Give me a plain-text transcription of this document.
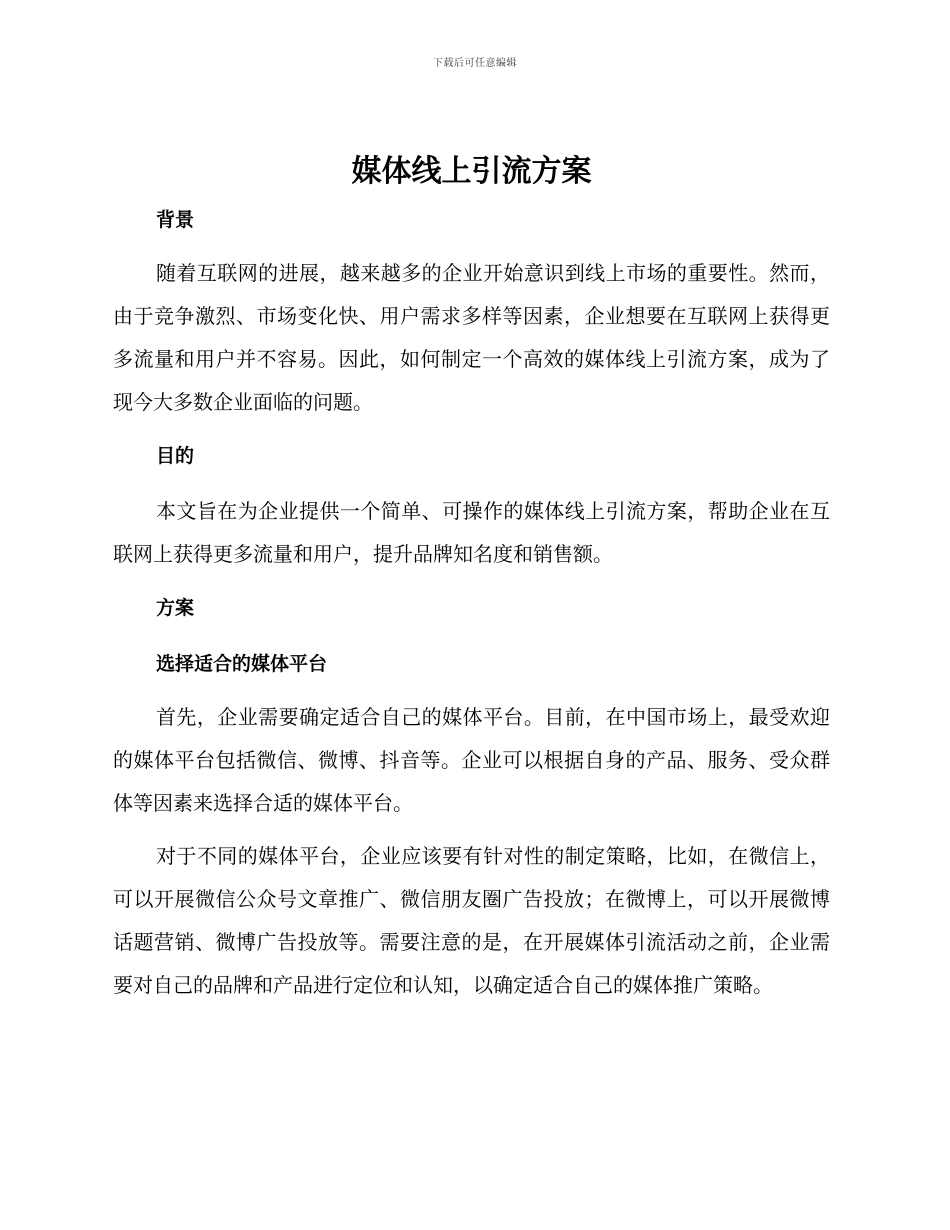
下载后可任意编辑
媒体线上引流方案
背景

随着互联网的进展，越来越多的企业开始意识到线上市场的重要性。然而，由于竞争激烈、市场变化快、用户需求多样等因素，企业想要在互联网上获得更多流量和用户并不容易。因此，如何制定一个高效的媒体线上引流方案，成为了现今大多数企业面临的问题。

目的

本文旨在为企业提供一个简单、可操作的媒体线上引流方案，帮助企业在互联网上获得更多流量和用户，提升品牌知名度和销售额。

方案
选择适合的媒体平台

首先，企业需要确定适合自己的媒体平台。目前，在中国市场上，最受欢迎的媒体平台包括微信、微博、抖音等。企业可以根据自身的产品、服务、受众群体等因素来选择合适的媒体平台。

对于不同的媒体平台，企业应该要有针对性的制定策略，比如，在微信上，可以开展微信公众号文章推广、微信朋友圈广告投放；在微博上，可以开展微博话题营销、微博广告投放等。需要注意的是，在开展媒体引流活动之前，企业需要对自己的品牌和产品进行定位和认知，以确定适合自己的媒体推广策略。
